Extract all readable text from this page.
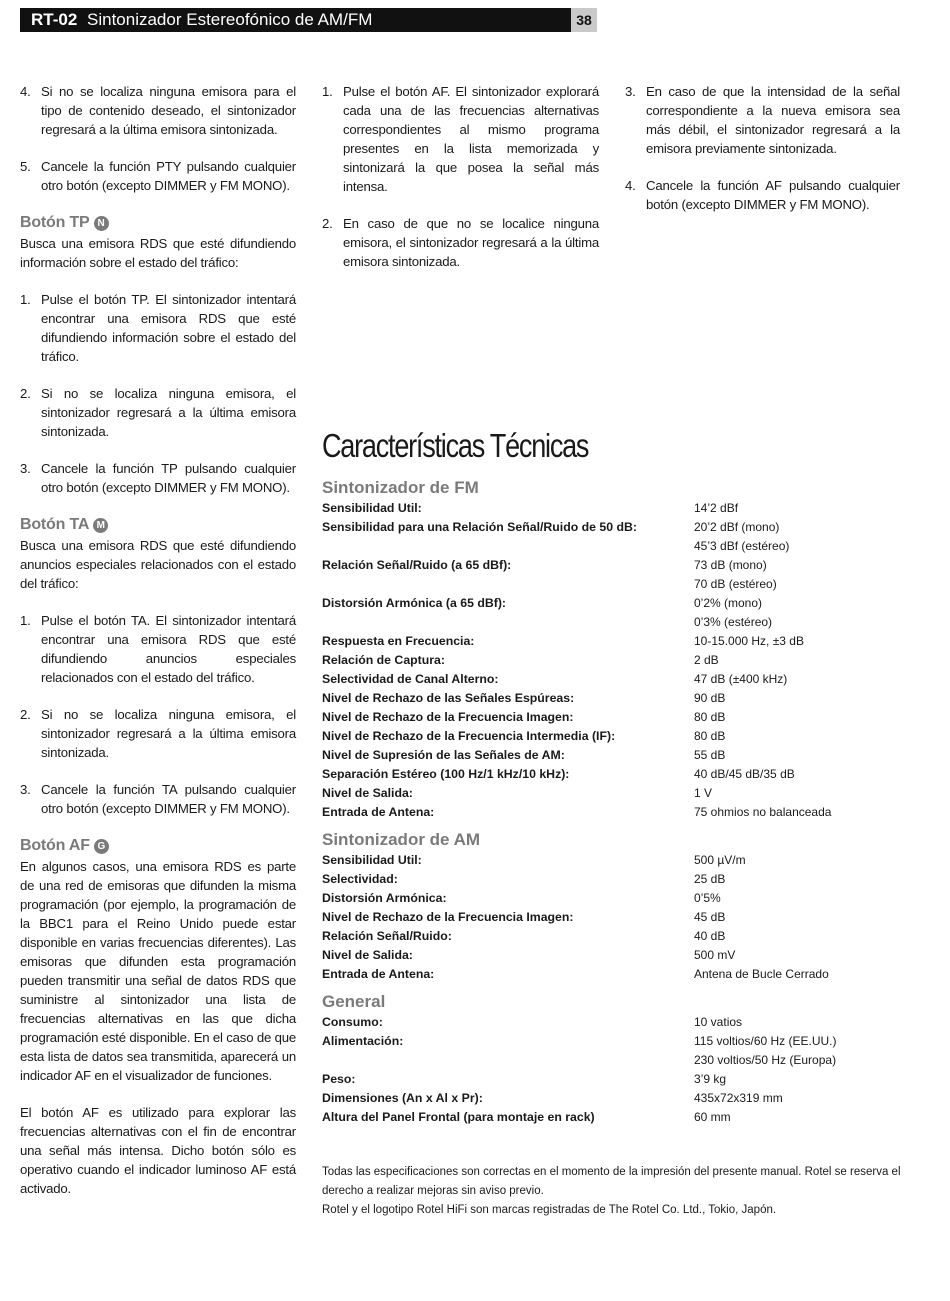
RT-02 Sintonizador Estereofónico de AM/FM	38
4. Si no se localiza ninguna emisora para el tipo de contenido deseado, el sintonizador regresará a la última emisora sintonizada.
5. Cancele la función PTY pulsando cualquier otro botón (excepto DIMMER y FM MONO).
Botón TP N
Busca una emisora RDS que esté difundiendo información sobre el estado del tráfico:
1. Pulse el botón TP. El sintonizador intentará encontrar una emisora RDS que esté difundiendo información sobre el estado del tráfico.
2. Si no se localiza ninguna emisora, el sintonizador regresará a la última emisora sintonizada.
3. Cancele la función TP pulsando cualquier otro botón (excepto DIMMER y FM MONO).
Botón TA M
Busca una emisora RDS que esté difundiendo anuncios especiales relacionados con el estado del tráfico:
1. Pulse el botón TA. El sintonizador intentará encontrar una emisora RDS que esté difundiendo anuncios especiales relacionados con el estado del tráfico.
2. Si no se localiza ninguna emisora, el sintonizador regresará a la última emisora sintonizada.
3. Cancele la función TA pulsando cualquier otro botón (excepto DIMMER y FM MONO).
Botón AF G
En algunos casos, una emisora RDS es parte de una red de emisoras que difunden la misma programación (por ejemplo, la programación de la BBC1 para el Reino Unido puede estar disponible en varias frecuencias diferentes). Las emisoras que difunden esta programación pueden transmitir una señal de datos RDS que suministre al sintonizador una lista de frecuencias alternativas en las que dicha programación esté disponible. En el caso de que esta lista de datos sea transmitida, aparecerá un indicador AF en el visualizador de funciones.
El botón AF es utilizado para explorar las frecuencias alternativas con el fin de encontrar una señal más intensa. Dicho botón sólo es operativo cuando el indicador luminoso AF está activado.
1. Pulse el botón AF. El sintonizador explorará cada una de las frecuencias alternativas correspondientes al mismo programa presentes en la lista memorizada y sintonizará la que posea la señal más intensa.
2. En caso de que no se localice ninguna emisora, el sintonizador regresará a la última emisora sintonizada.
3. En caso de que la intensidad de la señal correspondiente a la nueva emisora sea más débil, el sintonizador regresará a la emisora previamente sintonizada.
4. Cancele la función AF pulsando cualquier botón (excepto DIMMER y FM MONO).
Características Técnicas
Sintonizador de FM
Sensibilidad Util:	14’2 dBf
Sensibilidad para una Relación Señal/Ruido de 50 dB:	20’2 dBf (mono)
45’3 dBf (estéreo)
Relación Señal/Ruido (a 65 dBf):	73 dB (mono)
70 dB (estéreo)
Distorsión Armónica (a 65 dBf):	0’2% (mono)
0’3% (estéreo)
Respuesta en Frecuencia:	10-15.000 Hz, ±3 dB
Relación de Captura:	2 dB
Selectividad de Canal Alterno:	47 dB (±400 kHz)
Nivel de Rechazo de las Señales Espúreas:	90 dB
Nivel de Rechazo de la Frecuencia Imagen:	80 dB
Nivel de Rechazo de la Frecuencia Intermedia (IF):	80 dB
Nivel de Supresión de las Señales de AM:	55 dB
Separación Estéreo (100 Hz/1 kHz/10 kHz):	40 dB/45 dB/35 dB
Nivel de Salida:	1 V
Entrada de Antena:	75 ohmios no balanceada
Sintonizador de AM
Sensibilidad Util:	500 µV/m
Selectividad:	25 dB
Distorsión Armónica:	0’5%
Nivel de Rechazo de la Frecuencia Imagen:	45 dB
Relación Señal/Ruido:	40 dB
Nivel de Salida:	500 mV
Entrada de Antena:	Antena de Bucle Cerrado
General
Consumo:	10 vatios
Alimentación:	115 voltios/60 Hz (EE.UU.)
230 voltios/50 Hz (Europa)
Peso:	3’9 kg
Dimensiones (An x Al x Pr):	435x72x319 mm
Altura del Panel Frontal (para montaje en rack)	60 mm
Todas las especificaciones son correctas en el momento de la impresión del presente manual. Rotel se reserva el derecho a realizar mejoras sin aviso previo.
Rotel y el logotipo Rotel HiFi son marcas registradas de The Rotel Co. Ltd., Tokio, Japón.
